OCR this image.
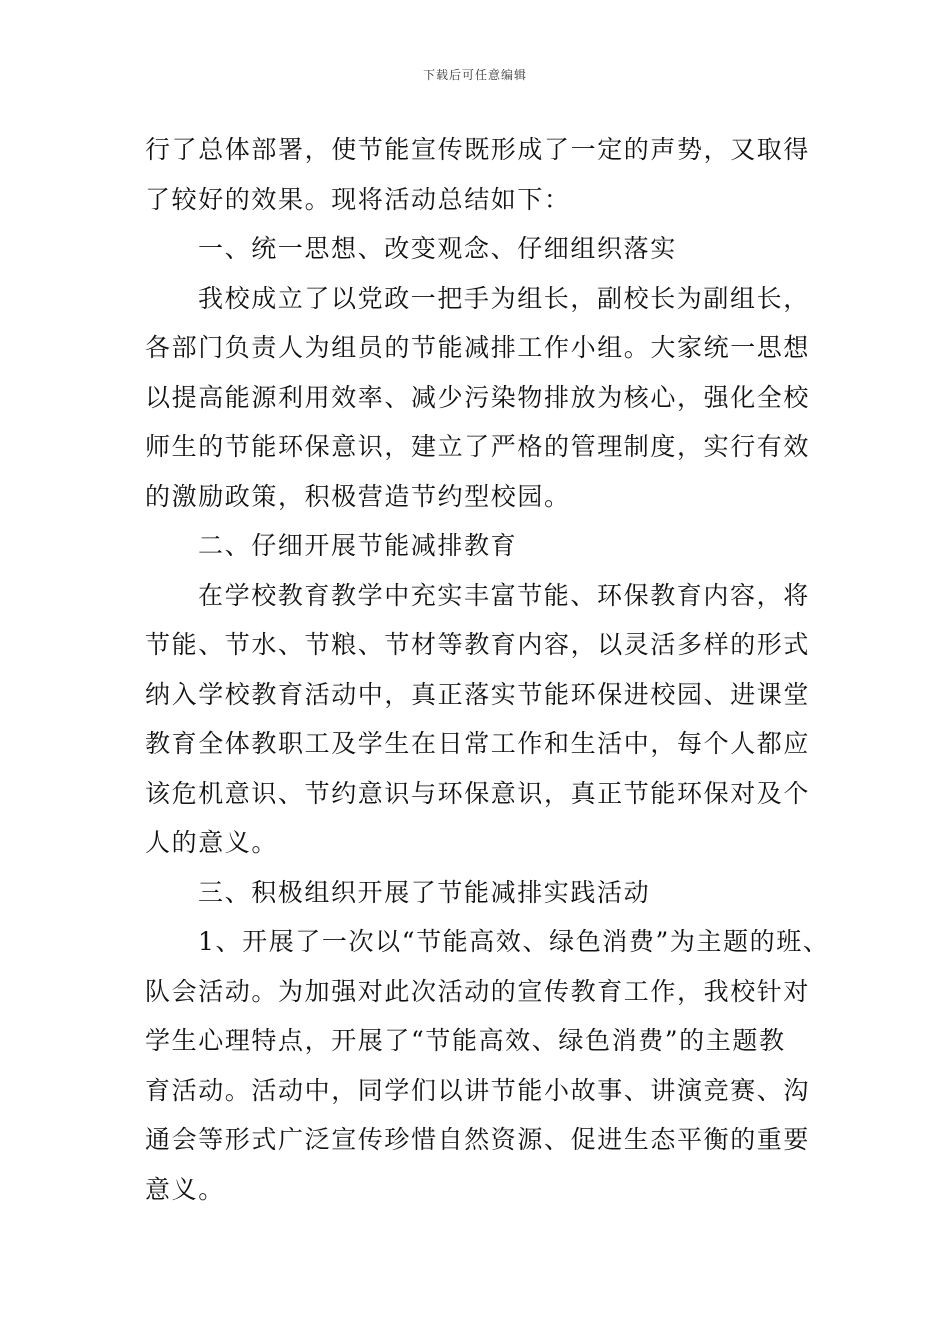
下载后可任意编辑

行了总体部署，使节能宣传既形成了一定的声势，又取得

了较好的效果。现将活动总结如下：

一、统一思想、改变观念、仔细组织落实

我校成立了以党政一把手为组长，副校长为副组长，

各部门负责人为组员的节能减排工作小组。大家统一思想

以提高能源利用效率、减少污染物排放为核心，强化全校

师生的节能环保意识，建立了严格的管理制度，实行有效

的激励政策，积极营造节约型校园。

二、仔细开展节能减排教育

在学校教育教学中充实丰富节能、环保教育内容，将

节能、节水、节粮、节材等教育内容，以灵活多样的形式

纳入学校教育活动中，真正落实节能环保进校园、进课堂

教育全体教职工及学生在日常工作和生活中，每个人都应

该危机意识、节约意识与环保意识，真正节能环保对及个

人的意义。

三、积极组织开展了节能减排实践活动

1、开展了一次以“节能高效、绿色消费”为主题的班、

队会活动。为加强对此次活动的宣传教育工作，我校针对

学生心理特点，开展了“节能高效、绿色消费”的主题教

育活动。活动中，同学们以讲节能小故事、讲演竞赛、沟

通会等形式广泛宣传珍惜自然资源、促进生态平衡的重要

意义。
